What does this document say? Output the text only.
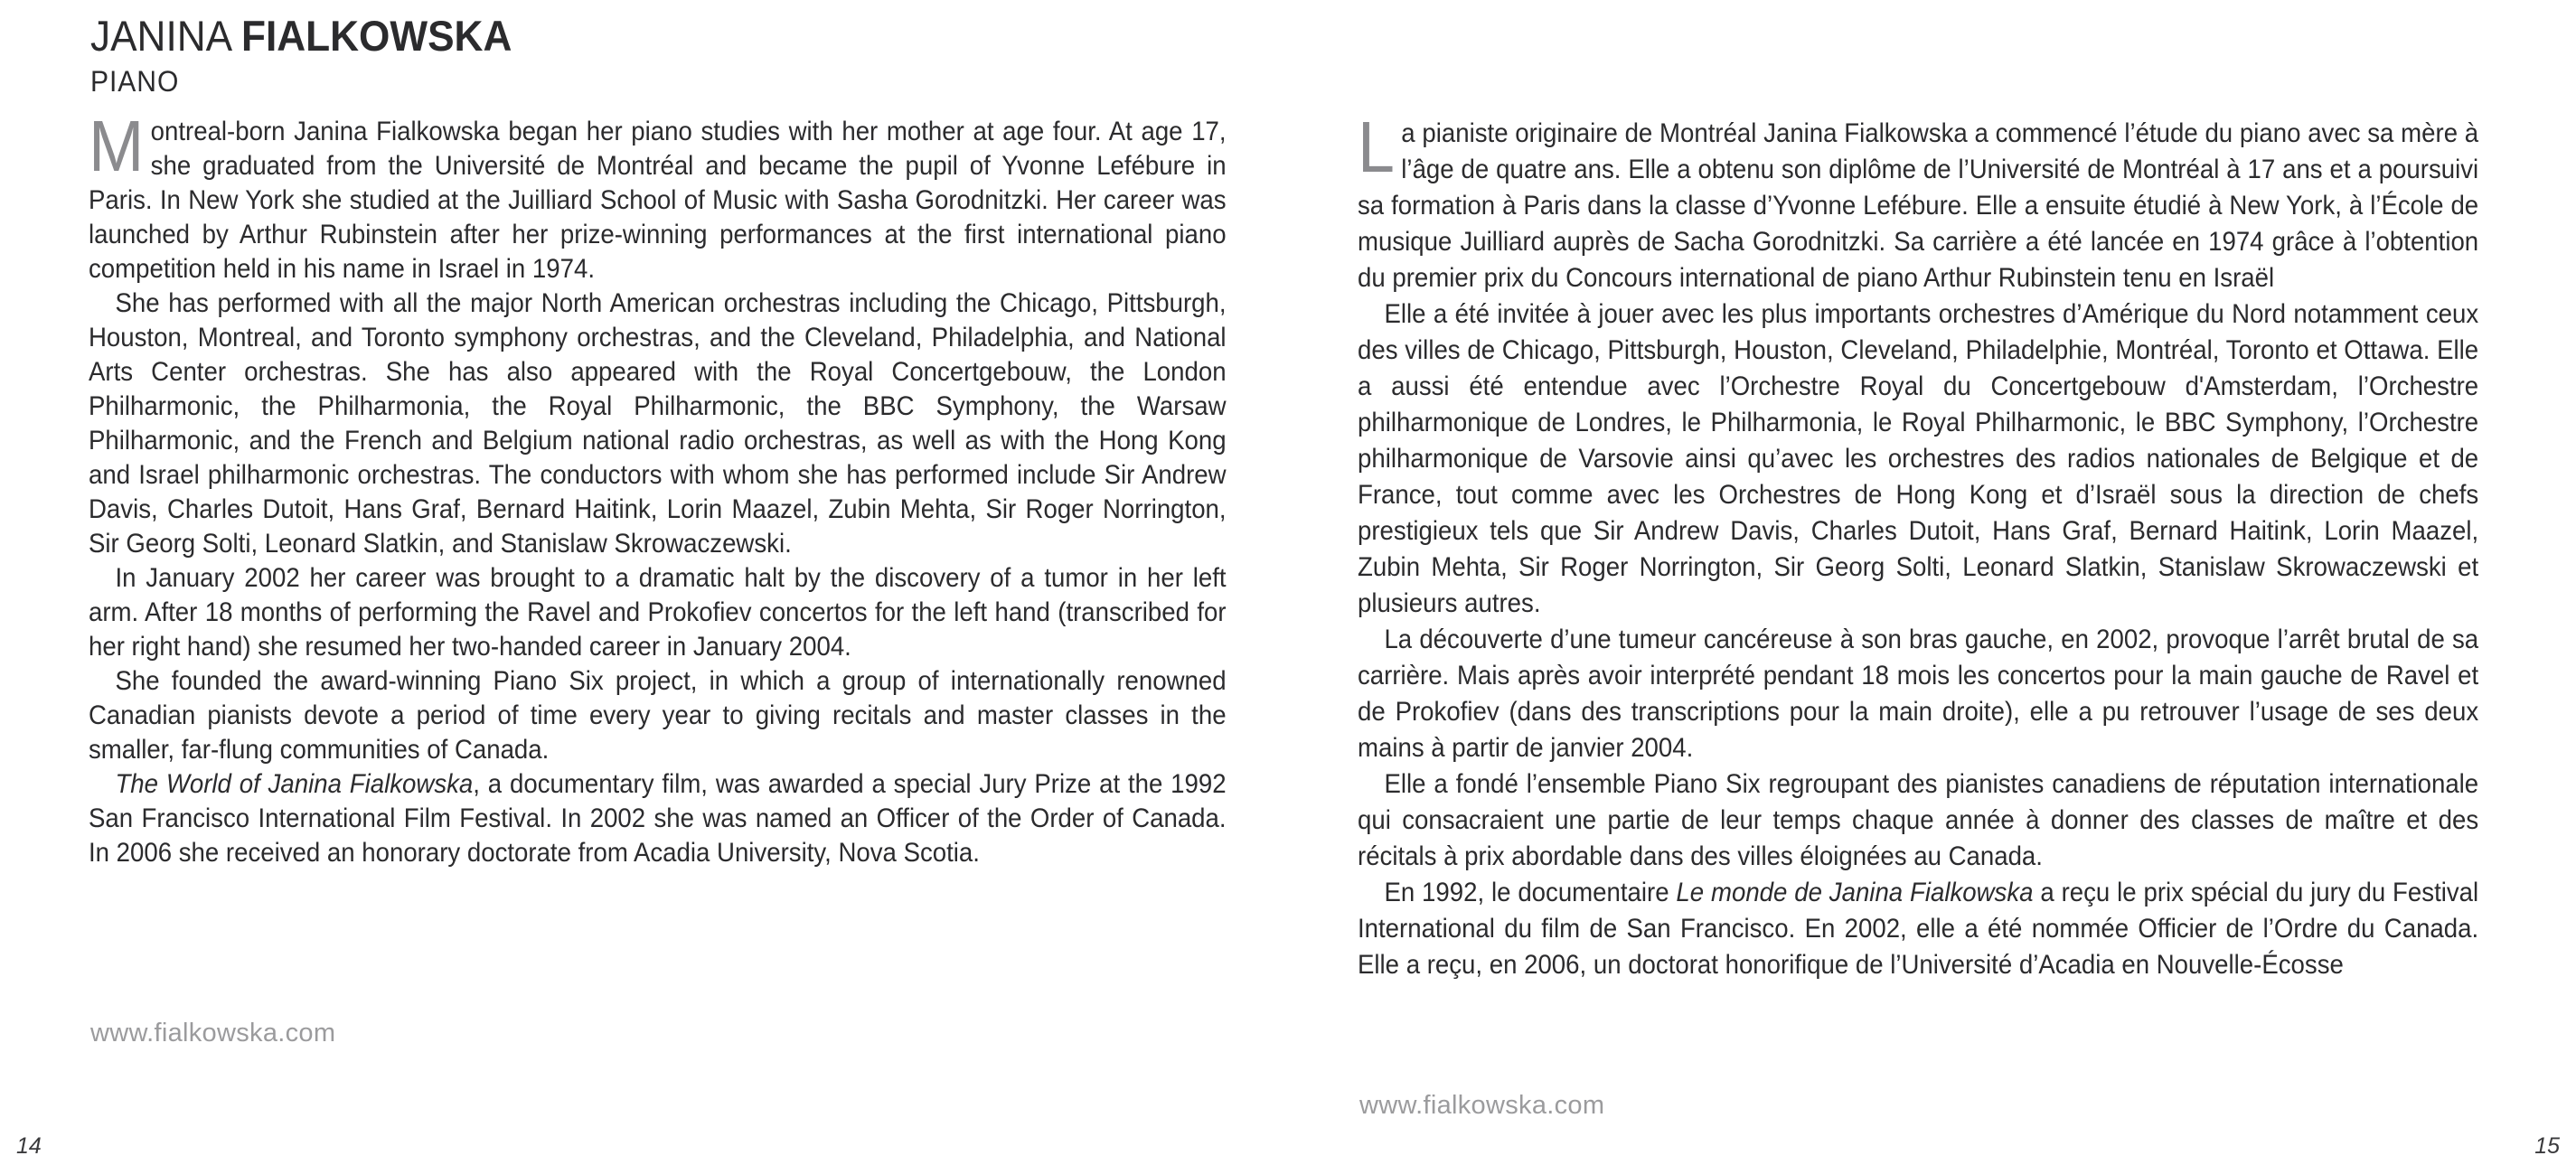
JANINA FIALKOWSKA
PIANO

Montreal-born Janina Fialkowska began her piano studies with her mother at age four. At age 17, she graduated from the Université de Montréal and became the pupil of Yvonne Lefébure in Paris. In New York she studied at the Juilliard School of Music with Sasha Gorodnitzki. Her career was launched by Arthur Rubinstein after her prize-winning performances at the first international piano competition held in his name in Israel in 1974.

She has performed with all the major North American orchestras including the Chicago, Pittsburgh, Houston, Montreal, and Toronto symphony orchestras, and the Cleveland, Philadelphia, and National Arts Center orchestras. She has also appeared with the Royal Concertgebouw, the London Philharmonic, the Philharmonia, the Royal Philharmonic, the BBC Symphony, the Warsaw Philharmonic, and the French and Belgium national radio orchestras, as well as with the Hong Kong and Israel philharmonic orchestras. The conductors with whom she has performed include Sir Andrew Davis, Charles Dutoit, Hans Graf, Bernard Haitink, Lorin Maazel, Zubin Mehta, Sir Roger Norrington, Sir Georg Solti, Leonard Slatkin, and Stanislaw Skrowaczewski.

In January 2002 her career was brought to a dramatic halt by the discovery of a tumor in her left arm. After 18 months of performing the Ravel and Prokofiev concertos for the left hand (transcribed for her right hand) she resumed her two-handed career in January 2004.

She founded the award-winning Piano Six project, in which a group of internationally renowned Canadian pianists devote a period of time every year to giving recitals and master classes in the smaller, far-flung communities of Canada.

The World of Janina Fialkowska, a documentary film, was awarded a special Jury Prize at the 1992 San Francisco International Film Festival. In 2002 she was named an Officer of the Order of Canada. In 2006 she received an honorary doctorate from Acadia University, Nova Scotia.

La pianiste originaire de Montréal Janina Fialkowska a commencé l’étude du piano avec sa mère à l’âge de quatre ans. Elle a obtenu son diplôme de l’Université de Montréal à 17 ans et a poursuivi sa formation à Paris dans la classe d’Yvonne Lefébure. Elle a ensuite étudié à New York, à l’École de musique Juilliard auprès de Sacha Gorodnitzki. Sa carrière a été lancée en 1974 grâce à l’obtention du premier prix du Concours international de piano Arthur Rubinstein tenu en Israël

Elle a été invitée à jouer avec les plus importants orchestres d’Amérique du Nord notamment ceux des villes de Chicago, Pittsburgh, Houston, Cleveland, Philadelphie, Montréal, Toronto et Ottawa. Elle a aussi été entendue avec l’Orchestre Royal du Concertgebouw d'Amsterdam, l’Orchestre philharmonique de Londres, le Philharmonia, le Royal Philharmonic, le BBC Symphony, l’Orchestre philharmonique de Varsovie ainsi qu’avec les orchestres des radios nationales de Belgique et de France, tout comme avec les Orchestres de Hong Kong et d’Israël sous la direction de chefs prestigieux tels que Sir Andrew Davis, Charles Dutoit, Hans Graf, Bernard Haitink, Lorin Maazel, Zubin Mehta, Sir Roger Norrington, Sir Georg Solti, Leonard Slatkin, Stanislaw Skrowaczewski et plusieurs autres.

La découverte d’une tumeur cancéreuse à son bras gauche, en 2002, provoque l’arrêt brutal de sa carrière. Mais après avoir interprété pendant 18 mois les concertos pour la main gauche de Ravel et de Prokofiev (dans des transcriptions pour la main droite), elle a pu retrouver l’usage de ses deux mains à partir de janvier 2004.

Elle a fondé l’ensemble Piano Six regroupant des pianistes canadiens de réputation internationale qui consacraient une partie de leur temps chaque année à donner des classes de maître et des récitals à prix abordable dans des villes éloignées au Canada.

En 1992, le documentaire Le monde de Janina Fialkowska a reçu le prix spécial du jury du Festival International du film de San Francisco. En 2002, elle a été nommée Officier de l’Ordre du Canada. Elle a reçu, en 2006, un doctorat honorifique de l’Université d’Acadia en Nouvelle-Écosse

www.fialkowska.com
www.fialkowska.com
14	15
